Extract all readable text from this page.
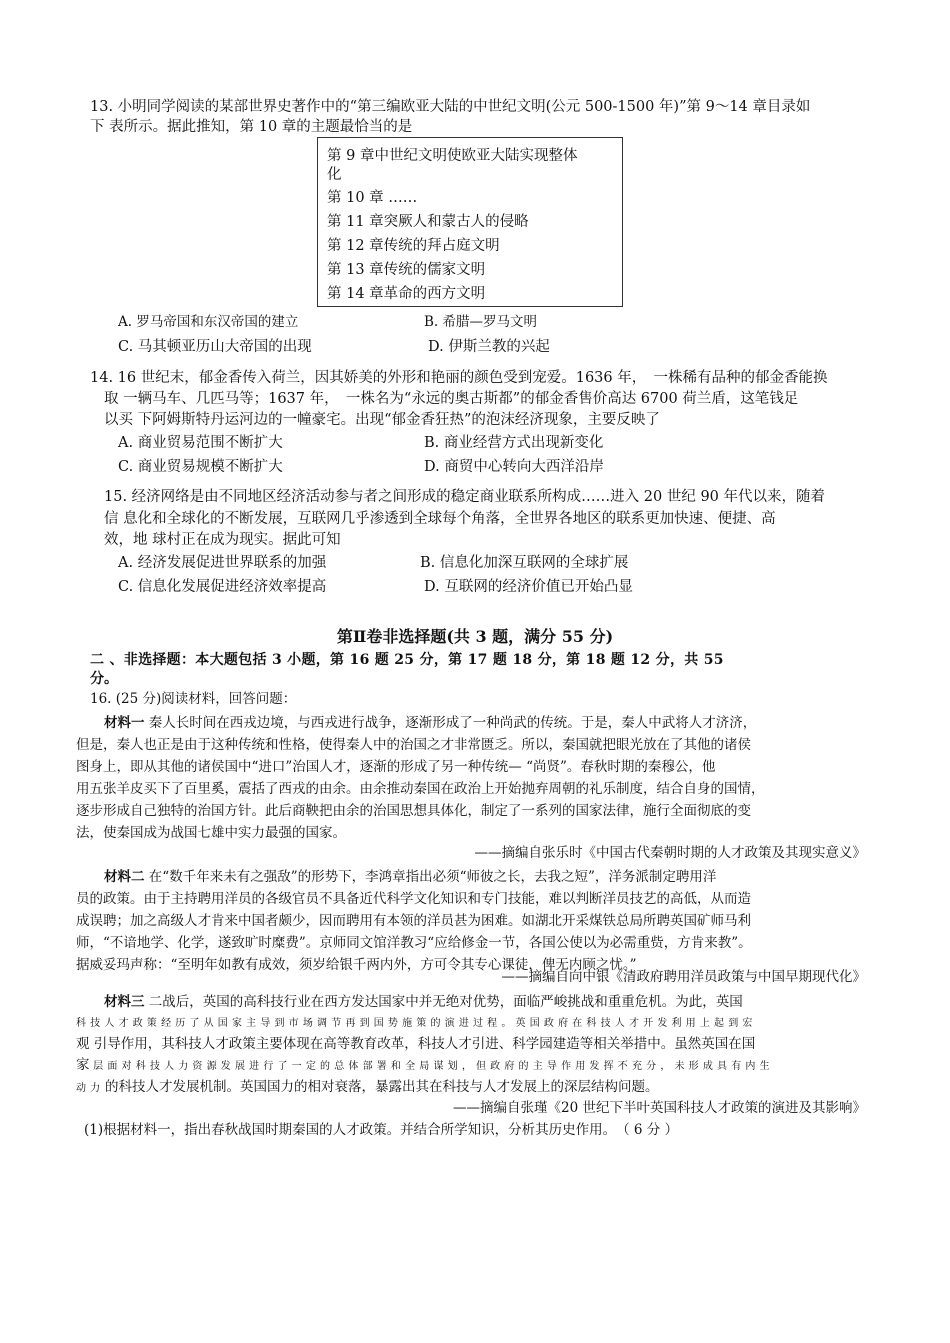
13. 小明同学阅读的某部世界史著作中的“第三编欧亚大陆的中世纪文明(公元 500-1500 年)”第 9～14 章目录如
下 表所示。据此推知，第 10 章的主题最恰当的是
第 9 章中世纪文明使欧亚大陆实现整体
化
第 10 章 ……
第 11 章突厥人和蒙古人的侵略
第 12 章传统的拜占庭文明
第 13 章传统的儒家文明
第 14 章革命的西方文明
A. 罗马帝国和东汉帝国的建立	B. 希腊—罗马文明
C. 马其顿亚历山大帝国的出现	D. 伊斯兰教的兴起
14. 16 世纪末，郁金香传入荷兰，因其娇美的外形和艳丽的颜色受到宠爱。1636 年，　一株稀有品种的郁金香能换
取 一辆马车、几匹马等；1637 年，　一株名为“永远的奥古斯都”的郁金香售价高达 6700 荷兰盾，这笔钱足
以买 下阿姆斯特丹运河边的一幢豪宅。出现“郁金香狂热”的泡沫经济现象，主要反映了
A. 商业贸易范围不断扩大	B. 商业经营方式出现新变化
C. 商业贸易规模不断扩大	D. 商贸中心转向大西洋沿岸
15. 经济网络是由不同地区经济活动参与者之间形成的稳定商业联系所构成……进入 20 世纪 90 年代以来，随着
信 息化和全球化的不断发展，互联网几乎渗透到全球每个角落，全世界各地区的联系更加快速、便捷、高
效，地 球村正在成为现实。据此可知
A. 经济发展促进世界联系的加强	B. 信息化加深互联网的全球扩展
C. 信息化发展促进经济效率提高	D. 互联网的经济价值已开始凸显
第Ⅱ卷非选择题(共 3 题，满分 55 分)
二 、非选择题：本大题包括 3 小题，第 16 题 25 分，第 17 题 18 分，第 18 题 12 分，共 55
分。
16. (25 分)阅读材料，回答问题：
材料一 秦人长时间在西戎边境，与西戎进行战争，逐渐形成了一种尚武的传统。于是，秦人中武将人才济济，
但是，秦人也正是由于这种传统和性格，使得秦人中的治国之才非常匮乏。所以，秦国就把眼光放在了其他的诸侯
图身上，即从其他的诸侯国中“进口”治国人才，逐渐的形成了另一种传统— “尚贤”。春秋时期的秦穆公，他
用五张羊皮买下了百里奚，震括了西戎的由余。由余推动秦国在政治上开始抛弃周朝的礼乐制度，结合自身的国情，
逐步形成自己独特的治国方针。此后商鞅把由余的治国思想具体化，制定了一系列的国家法律，施行全面彻底的变
法，使秦国成为战国七雄中实力最强的国家。
——摘编自张乐时《中国古代秦朝时期的人才政策及其现实意义》
材料二 在“数千年来未有之强敌”的形势下，李鸿章指出必须“师彼之长，去我之短”，洋务派制定聘用洋
员的政策。由于主持聘用洋员的各级官员不具备近代科学文化知识和专门技能，难以判断洋员技艺的高低，从而造
成误聘；加之高级人才肯来中国者颇少，因而聘用有本领的洋员甚为困难。如湖北开采煤铁总局所聘英国矿师马利
师，“不谙地学、化学，遂致旷时糜费”。京师同文馆洋教习“应给修金一节，各国公使以为必需重赀，方肯来教”。
据威妥玛声称：“至明年如教有成效，须岁给银千两内外，方可令其专心课徒，俾无内顾之忧。”
——摘编自向中银《清政府聘用洋员政策与中国早期现代化》
材料三 二战后，英国的高科技行业在西方发达国家中并无绝对优势，面临严峻挑战和重重危机。为此，英国
科 技 人 才 政 策 经 历 了 从 国 家 主 导 到 市 场 调 节 再 到 国 势 施 策 的 演 进 过 程 。 英 国 政 府 在 科 技 人 才 开 发 利 用 上 起 到 宏
观 引导作用，其科技人才政策主要体现在高等教育改革，科技人才引进、科学园建造等相关举措中。虽然英国在国
家 层 面 对 科 技 人 力 资 源 发 展 进 行 了 一 定 的 总 体 部 署 和 全 局 谋 划 ， 但 政 府 的 主 导 作 用 发 挥 不 充 分 ， 未 形 成 具 有 内 生
动 力 的科技人才发展机制。英国国力的相对衰落，暴露出其在科技与人才发展上的深层结构问题。
——摘编自张瑾《20 世纪下半叶英国科技人才政策的演进及其影响》
(1)根据材料一，指出春秋战国时期秦国的人才政策。并结合所学知识，分析其历史作用。　（ 6 分 ）
